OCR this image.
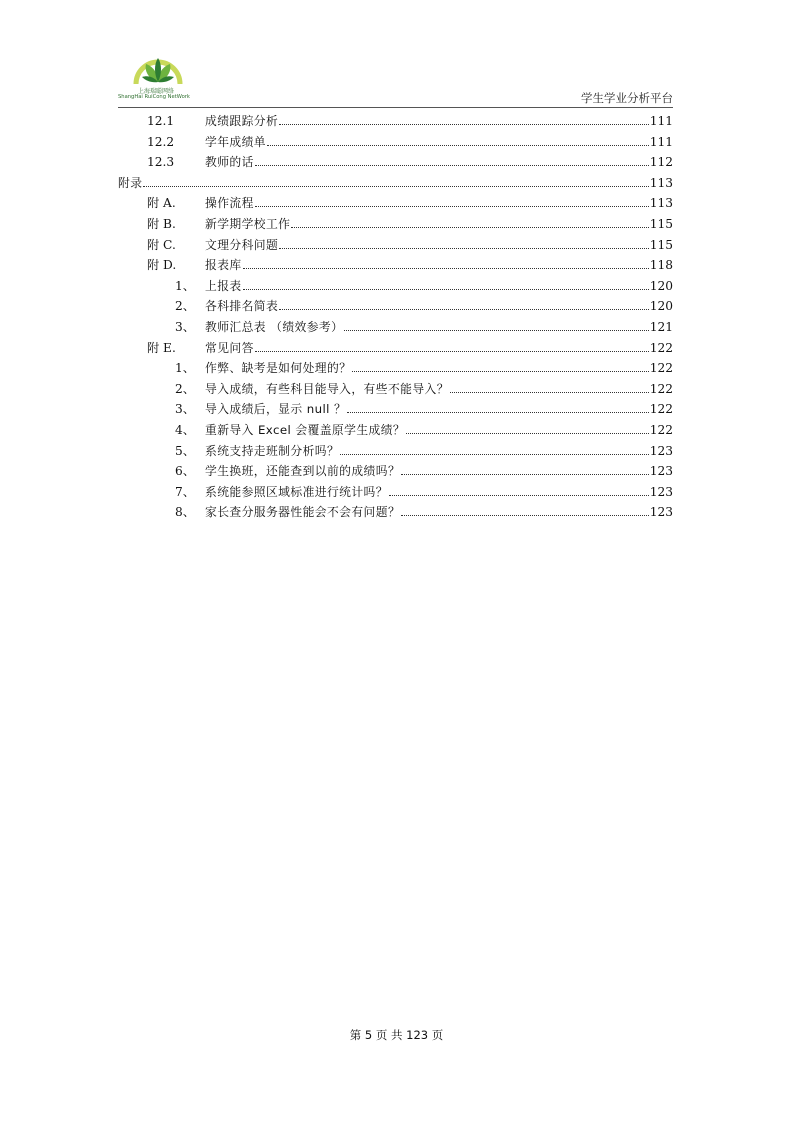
上海瑞聪网络
ShangHai RuiCong NetWork	学生学业分析平台
12.1	成绩跟踪分析	111
12.2	学年成绩单	111
12.3	教师的话	112
附录	113
附 A. 操作流程	113
附 B. 新学期学校工作	115
附 C. 文理分科问题	115
附 D. 报表库	118
1、 上报表	120
2、 各科排名简表	120
3、 教师汇总表 （绩效参考）	121
附 E. 常见问答	122
1、 作弊、缺考是如何处理的？	122
2、 导入成绩，有些科目能导入，有些不能导入？	122
3、 导入成绩后，显示 null ？	122
4、 重新导入 Excel 会覆盖原学生成绩？	122
5、 系统支持走班制分析吗？	123
6、 学生换班，还能查到以前的成绩吗？	123
7、 系统能参照区域标准进行统计吗？	123
8、 家长查分服务器性能会不会有问题？	123
第 5 页 共 123 页
